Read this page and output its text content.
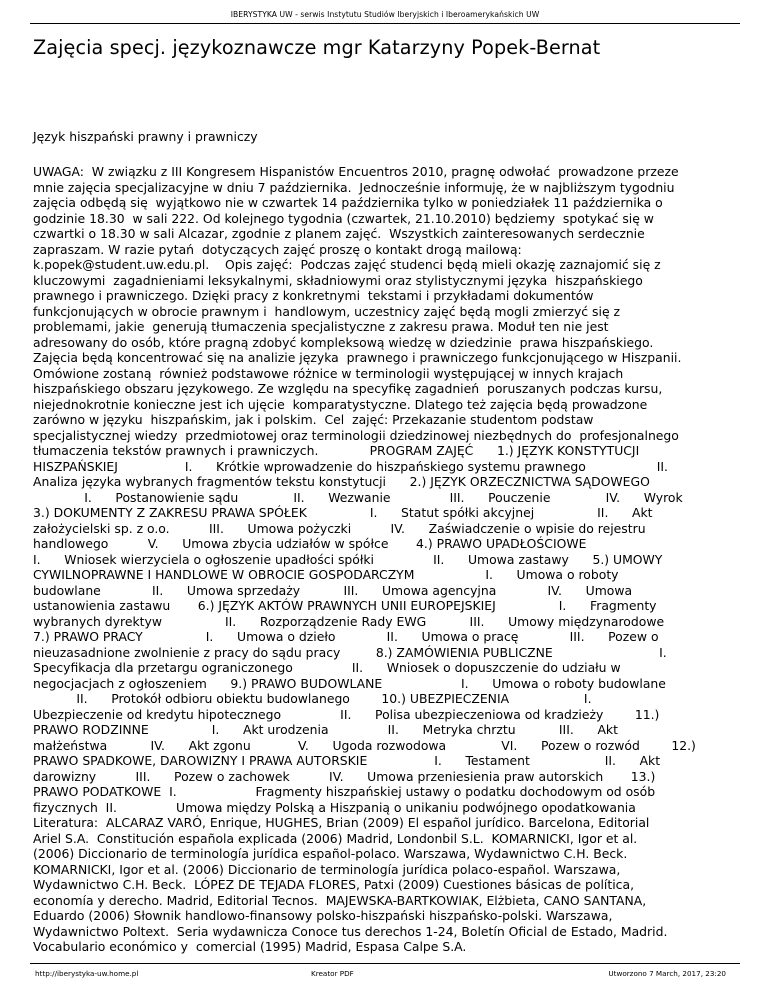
IBERYSTYKA UW - serwis Instytutu Studiów Iberyjskich i Iberoamerykańskich UW
Zajęcia specj. językoznawcze mgr Katarzyny Popek-Bernat
Język hiszpański prawny i prawniczy
UWAGA:  W związku z III Kongresem Hispanistów Encuentros 2010, pragnę odwołać  prowadzone przeze
mnie zajęcia specjalizacyjne w dniu 7 października.  Jednocześnie informuję, że w najbliższym tygodniu
zajęcia odbędą się  wyjątkowo nie w czwartek 14 października tylko w poniedziałek 11 października o
godzinie 18.30  w sali 222. Od kolejnego tygodnia (czwartek, 21.10.2010) będziemy  spotykać się w
czwartki o 18.30 w sali Alcazar, zgodnie z planem zajęć.  Wszystkich zainteresowanych serdecznie
zapraszam. W razie pytań  dotyczących zajęć proszę o kontakt drogą mailową:
k.popek@student.uw.edu.pl.    Opis zajęć:  Podczas zajęć studenci będą mieli okazję zaznajomić się z
kluczowymi  zagadnieniami leksykalnymi, składniowymi oraz stylistycznymi języka  hiszpańskiego
prawnego i prawniczego. Dzięki pracy z konkretnymi  tekstami i przykładami dokumentów
funkcjonujących w obrocie prawnym i  handlowym, uczestnicy zajęć będą mogli zmierzyć się z
problemami, jakie  generują tłumaczenia specjalistyczne z zakresu prawa. Moduł ten nie jest
adresowany do osób, które pragną zdobyć kompleksową wiedzę w dziedzinie  prawa hiszpańskiego.
Zajęcia będą koncentrować się na analizie języka  prawnego i prawniczego funkcjonującego w Hiszpanii.
Omówione zostaną  również podstawowe różnice w terminologii występującej w innych krajach
hiszpańskiego obszaru językowego. Ze względu na specyfikę zagadnień  poruszanych podczas kursu,
niejednokrotnie konieczne jest ich ujęcie  komparatystyczne. Dlatego też zajęcia będą prowadzone
zarówno w języku  hiszpańskim, jak i polskim.  Cel  zajęć: Przekazanie studentom podstaw
specjalistycznej wiedzy  przedmiotowej oraz terminologii dziedzinowej niezbędnych do  profesjonalnego
tłumaczenia tekstów prawnych i prawniczych.             PROGRAM ZAJĘĆ      1.) JĘZYK KONSTYTUCJI
HISZPAŃSKIEJ                 I.      Krótkie wprowadzenie do hiszpańskiego systemu prawnego                  II.
Analiza języka wybranych fragmentów tekstu konstytucji      2.) JĘZYK ORZECZNICTWA SĄDOWEGO
I.      Postanowienie sądu              II.      Wezwanie               III.      Pouczenie              IV.      Wyrok
3.) DOKUMENTY Z ZAKRESU PRAWA SPÓŁEK                I.      Statut spółki akcyjnej                II.      Akt
założycielski sp. z o.o.          III.      Umowa pożyczki          IV.      Zaświadczenie o wpisie do rejestru
handlowego          V.      Umowa zbycia udziałów w spółce       4.) PRAWO UPADŁOŚCIOWE
I.      Wniosek wierzyciela o ogłoszenie upadłości spółki               II.      Umowa zastawy      5.) UMOWY
CYWILNOPRAWNE I HANDLOWE W OBROCIE GOSPODARCZYM                  I.      Umowa o roboty
budowlane             II.      Umowa sprzedaży           III.      Umowa agencyjna             IV.      Umowa
ustanowienia zastawu       6.) JĘZYK AKTÓW PRAWNYCH UNII EUROPEJSKIEJ                I.      Fragmenty
wybranych dyrektyw                II.      Rozporządzenie Rady EWG           III.      Umowy międzynarodowe
7.) PRAWO PRACY                I.      Umowa o dzieło             II.      Umowa o pracę             III.      Pozew o
nieuzasadnione zwolnienie z pracy do sądu pracy         8.) ZAMÓWIENIA PUBLICZNE                           I.
Specyfikacja dla przetargu ograniczonego               II.      Wniosek o dopuszczenie do udziału w
negocjacjach z ogłoszeniem      9.) PRAWO BUDOWLANE                    I.      Umowa o roboty budowlane
II.      Protokół odbioru obiektu budowlanego        10.) UBEZPIECZENIA                   I.
Ubezpieczenie od kredytu hipotecznego               II.      Polisa ubezpieczeniowa od kradzieży        11.)
PRAWO RODZINNE                I.      Akt urodzenia               II.      Metryka chrztu           III.      Akt
małżeństwa           IV.      Akt zgonu            V.      Ugoda rozwodowa              VI.      Pozew o rozwód        12.)
PRAWO SPADKOWE, DAROWIZNY I PRAWA AUTORSKIE                 I.      Testament                   II.      Akt
darowizny          III.      Pozew o zachowek          IV.      Umowa przeniesienia praw autorskich       13.)
PRAWO PODATKOWE  I.                    Fragmenty hiszpańskiej ustawy o podatku dochodowym od osób
fizycznych  II.               Umowa między Polską a Hiszpanią o unikaniu podwójnego opodatkowania
Literatura:  ALCARAZ VARÓ, Enrique, HUGHES, Brian (2009) El español jurídico. Barcelona, Editorial
Ariel S.A.  Constitución española explicada (2006) Madrid, Londonbil S.L.  KOMARNICKI, Igor et al.
(2006) Diccionario de terminología jurídica español-polaco. Warszawa, Wydawnictwo C.H. Beck.
KOMARNICKI, Igor et al. (2006) Diccionario de terminología jurídica polaco-español. Warszawa,
Wydawnictwo C.H. Beck.  LÓPEZ DE TEJADA FLORES, Patxi (2009) Cuestiones básicas de política,
economía y derecho. Madrid, Editorial Tecnos.  MAJEWSKA-BARTKOWIAK, Elżbieta, CANO SANTANA,
Eduardo (2006) Słownik handlowo-finansowy polsko-hiszpański hiszpańsko-polski. Warszawa,
Wydawnictwo Poltext.  Seria wydawnicza Conoce tus derechos 1-24, Boletín Oficial de Estado, Madrid.
Vocabulario económico y  comercial (1995) Madrid, Espasa Calpe S.A.
http://iberystyka-uw.home.pl	Kreator PDF	Utworzono 7 March, 2017, 23:20
